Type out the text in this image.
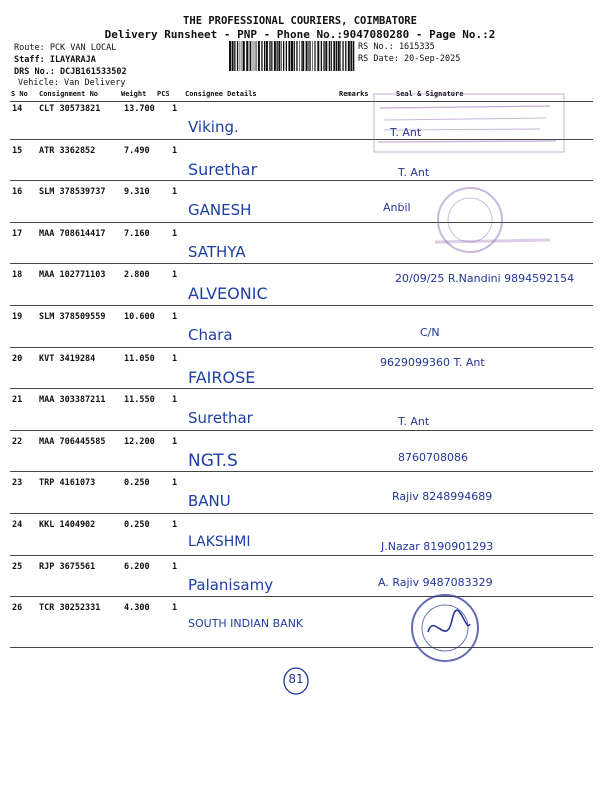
THE PROFESSIONAL COURIERS, COIMBATORE
Delivery Runsheet - PNP - Phone No.:9047080280 - Page No.:2
Route: PCK VAN LOCAL
Staff: ILAYARAJA
DRS No.: DCJB161533502
Vehicle: Van Delivery
RS No.: 1615335
RS Date: 20-Sep-2025
S No Consignment No	Weight PCS Consignee Details	Remarks	Seal & Signature
14 CLT 30573821	13.700 1
Viking.	T. Ant
15 ATR 3362852	7.490	1
Surethar	T. Ant
16 SLM 378539737 9.310	1
GANESH	Anbil
17 MAA 708614417 7.160	1
SATHYA
18 MAA 102771103 2.800	1
ALVEONIC
20/09/25 R.Nandini 9894592154
19 SLM 378509559 10.600 1
Chara	C/N
20 KVT 3419284	11.050 1
FAIROSE
9629099360 T. Ant
21 MAA 303387211 11.550 1
Surethar	T. Ant
22 MAA 706445585 12.200 1
NGT.S	8760708086
23 TRP 4161073	0.250	1
BANU	Rajiv 8248994689
24 KKL 1404902	0.250	1
LAKSHMI	J.Nazar 8190901293
25 RJP 3675561	6.200	1
Palanisamy	A. Rajiv 9487083329
26 TCR 30252331	4.300	1
SOUTH INDIAN BANK
81
